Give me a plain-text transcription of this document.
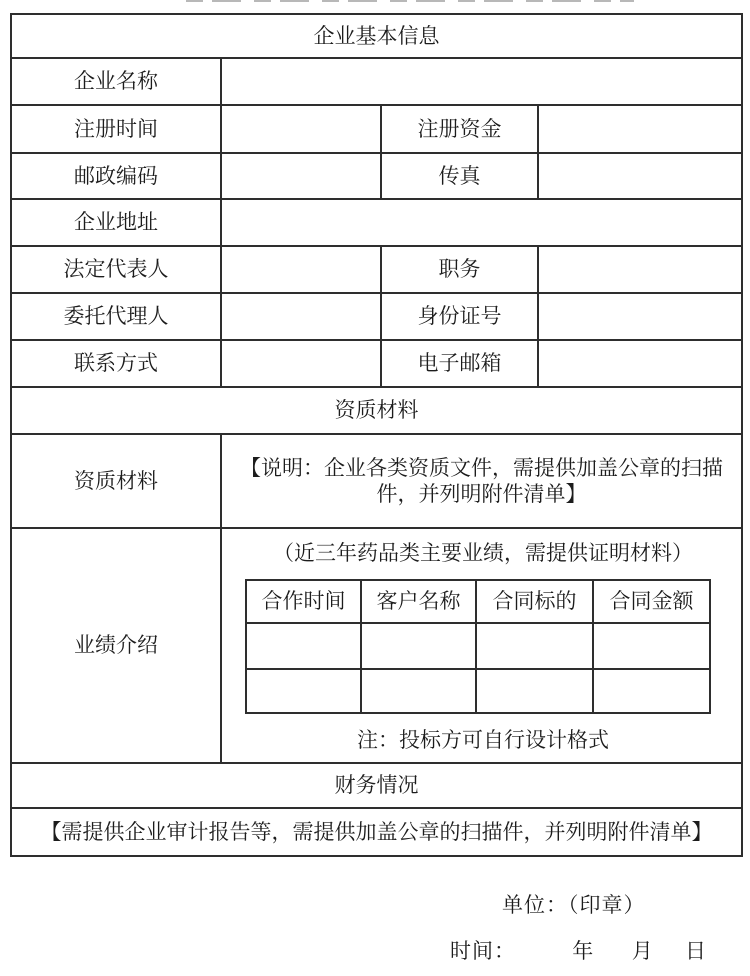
企业基本信息
企业名称	
注册时间		注册资金	
邮政编码		传真	
企业地址	
法定代表人		职务	
委托代理人		身份证号	
联系方式		电子邮箱	
资质材料
资质材料	【说明：企业各类资质文件，需提供加盖公章的扫描件，并列明附件清单】
业绩介绍	
（近三年药品类主要业绩，需提供证明材料）
合作时间	客户名称	合同标的	合同金额

注：投标方可自行设计格式

财务情况
【需提供企业审计报告等，需提供加盖公章的扫描件，并列明附件清单】
单位：（印章）
时间：         年      月     日
